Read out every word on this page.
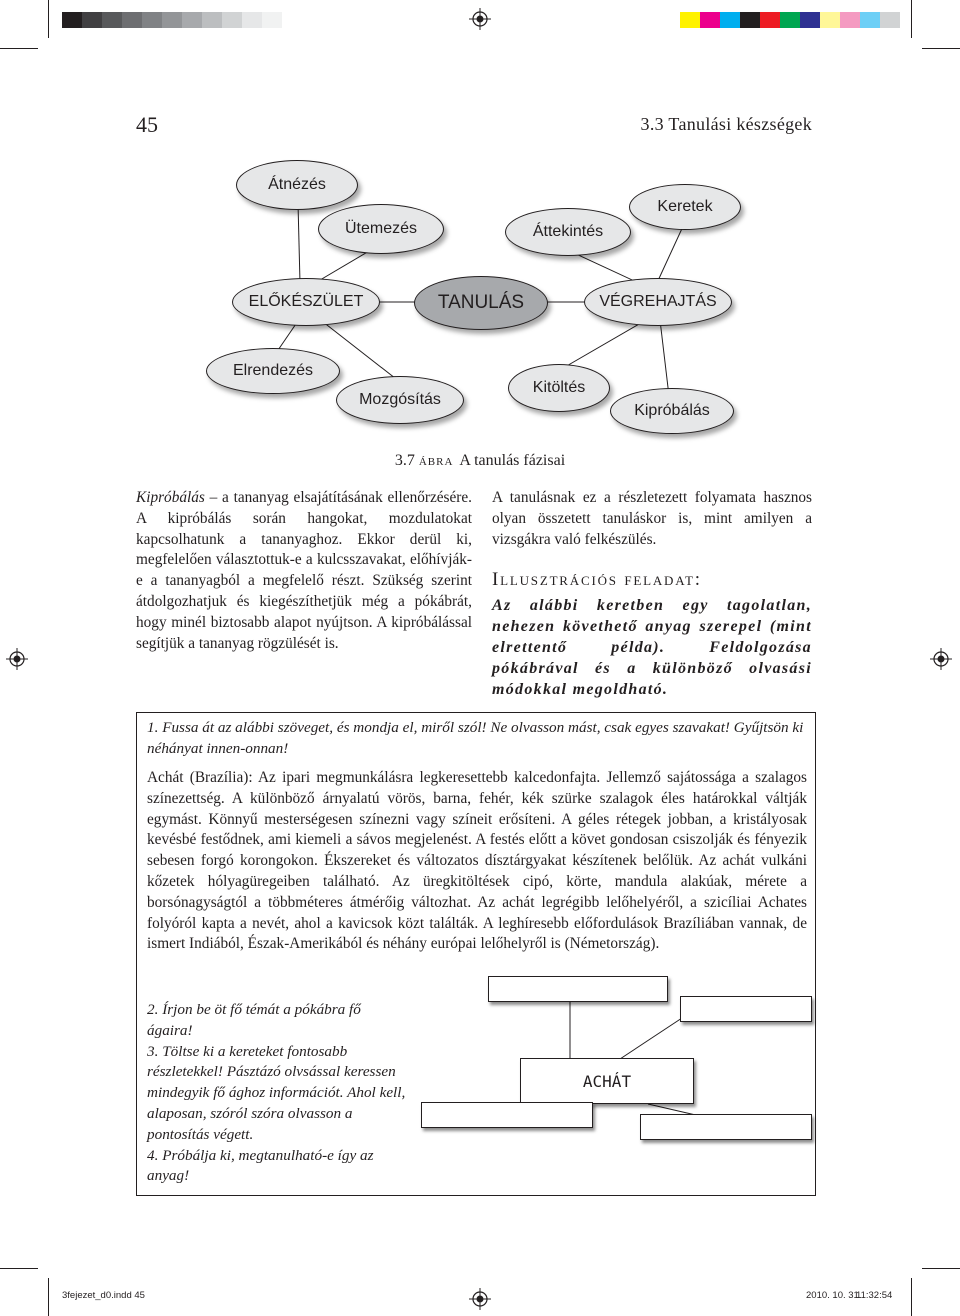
45	3.3 Tanulási készségek
Átnézés
Ütemezés	Áttekintés
Keretek
ELŐKÉSZÜLET	TANULÁS	VÉGREHAJTÁS
Elrendezés
Mozgósítás
Kitöltés
Kipróbálás
3.7 ábra A tanulás fázisai
Kipróbálás – a tananyag elsajátításának ellenőrzésére. A kipróbálás során hangokat, mozdulatokat kapcsolhatunk a tananyaghoz. Ekkor derül ki, megfelelően választottuk-e a kulcsszavakat, előhívják-e a tananyagból a megfelelő részt. Szükség szerint átdolgozhatjuk és kiegészíthetjük még a pókábrát, hogy minél biztosabb alapot nyújtson. A kipróbálással segítjük a tananyag rögzülését is.

A tanulásnak ez a részletezett folyamata hasznos olyan összetett tanuláskor is, mint amilyen a vizsgákra való felkészülés.

Illusztrációs feladat:
Az alábbi keretben egy tagolatlan, nehezen követhető anyag szerepel (mint elrettentő példa). Feldolgozása pókábrával és a különböző olvasási módokkal megoldható.
1. Fussa át az alábbi szöveget, és mondja el, miről szól! Ne olvasson mást, csak egyes szavakat! Gyűjtsön ki néhányat innen-onnan!
Achát (Brazília): Az ipari megmunkálásra legkeresettebb kalcedonfajta. Jellemző sajátossága a szalagos színezettség. A különböző árnyalatú vörös, barna, fehér, kék szürke szalagok éles határokkal váltják egymást. Könnyű mesterségesen színezni vagy színeit erősíteni. A géles rétegek jobban, a kristályosak kevésbé festődnek, ami kiemeli a sávos megjelenést. A festés előtt a követ gondosan csiszolják és fényezik sebesen forgó korongokon. Ékszereket és változatos dísztárgyakat készítenek belőlük. Az achát vulkáni kőzetek hólyagüregeiben található. Az üregkitöltések cipó, körte, mandula alakúak, mérete a borsónagyságtól a többméteres átmérőig változhat. Az achát legrégibb lelőhelyéről, a szicíliai Achates folyóról kapta a nevét, ahol a kavicsok közt találták. A leghíresebb előfordulások Brazíliában vannak, de ismert Indiából, Észak-Amerikából és néhány európai lelőhelyről is (Németország).

2. Írjon be öt fő témát a pókábra fő ágaira!

3. Töltse ki a kereteket fontosabb részletekkel! Pásztázó olvsással keressen mindegyik fő ághoz információt. Ahol kell, alaposan, szóról szóra olvasson a pontosítás végett.

4. Próbálja ki, megtanulható-e így az anyag!

ACHÁT
3fejezet_d0.indd 45	2010. 10. 31.
11:32:54
